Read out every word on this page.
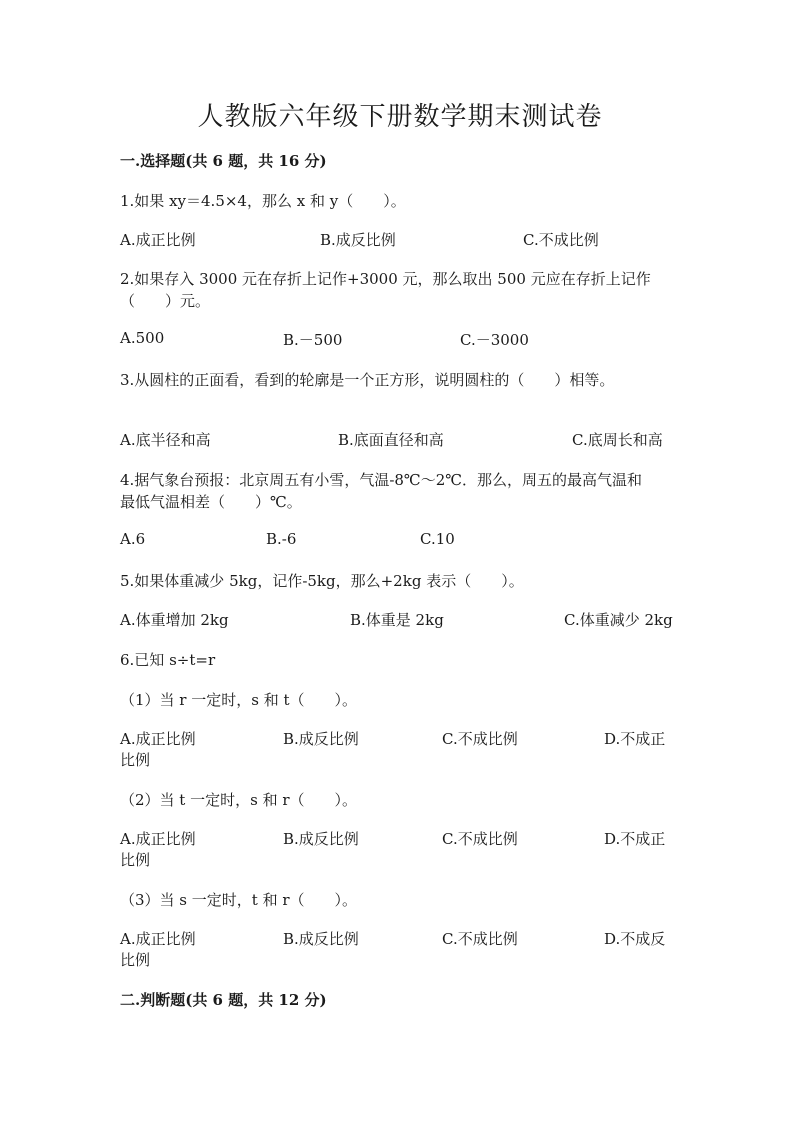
人教版六年级下册数学期末测试卷
一.选择题(共 6 题，共 16 分)
1.如果 xy＝4.5×4，那么 x 和 y（　　）。
A.成正比例	B.成反比例	C.不成比例
2.如果存入 3000 元在存折上记作+3000 元，那么取出 500 元应在存折上记作
（　　）元。
A.500	B.－500	C.－3000
3.从圆柱的正面看，看到的轮廓是一个正方形，说明圆柱的（　　）相等。
A.底半径和高	B.底面直径和高	C.底周长和高
4.据气象台预报：北京周五有小雪，气温-8℃～2℃．那么，周五的最高气温和
最低气温相差（　　）℃。
A.6	B.-6	C.10
5.如果体重减少 5kg，记作-5kg，那么+2kg 表示（　　）。
A.体重增加 2kg	B.体重是 2kg	C.体重减少 2kg
6.已知 s÷t=r
（1）当 r 一定时，s 和 t（　　）。
A.成正比例	B.成反比例	C.不成比例	D.不成正
比例
（2）当 t 一定时，s 和 r（　　）。
A.成正比例	B.成反比例	C.不成比例	D.不成正
比例
（3）当 s 一定时，t 和 r（　　）。
A.成正比例	B.成反比例	C.不成比例	D.不成反
比例
二.判断题(共 6 题，共 12 分)
